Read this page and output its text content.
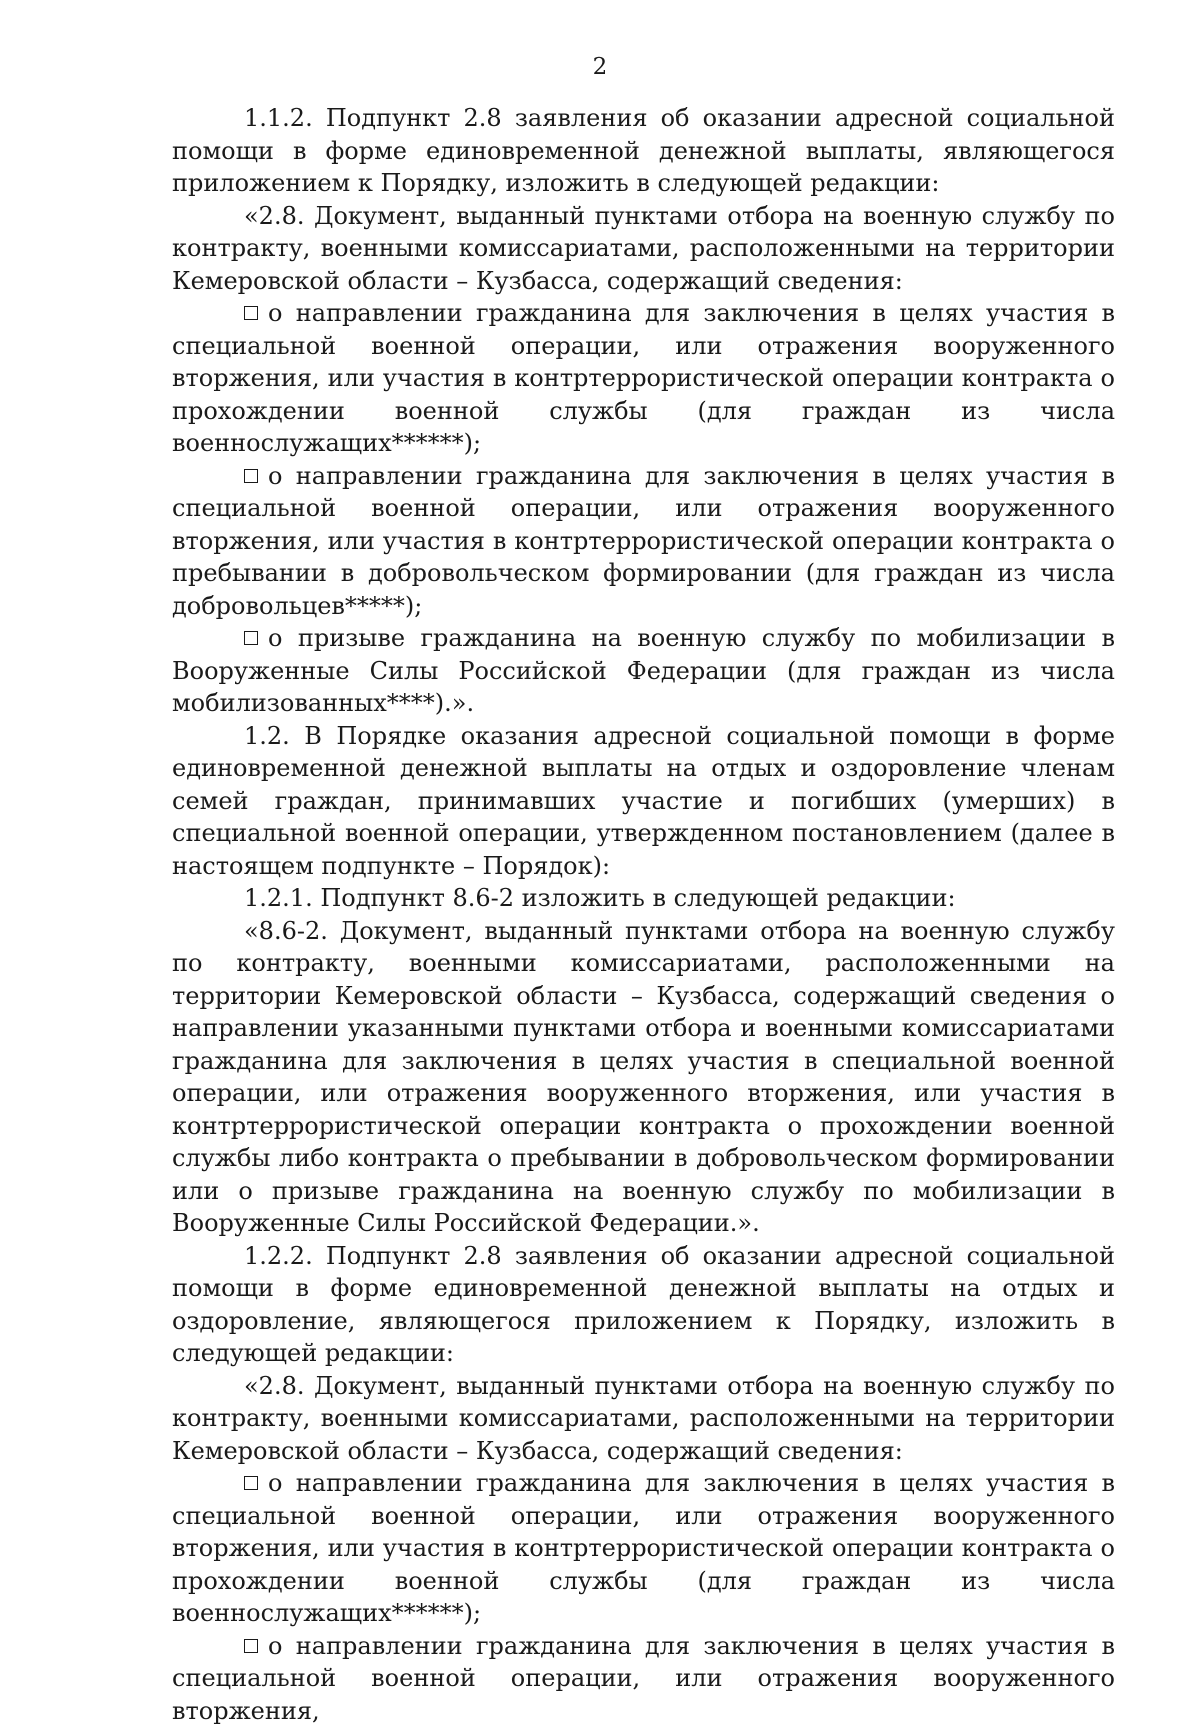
2

1.1.2. Подпункт 2.8 заявления об оказании адресной социальной помощи в форме единовременной денежной выплаты, являющегося приложением к Порядку, изложить в следующей редакции:

«2.8. Документ, выданный пунктами отбора на военную службу по контракту, военными комиссариатами, расположенными на территории Кемеровской области – Кузбасса, содержащий сведения:

о направлении гражданина для заключения в целях участия в специальной военной операции, или отражения вооруженного вторжения, или участия в контртеррористической операции контракта о прохождении военной службы (для граждан из числа военнослужащих******);

о направлении гражданина для заключения в целях участия в специальной военной операции, или отражения вооруженного вторжения, или участия в контртеррористической операции контракта о пребывании в добровольческом формировании (для граждан из числа добровольцев*****);

о призыве гражданина на военную службу по мобилизации в Вооруженные Силы Российской Федерации (для граждан из числа мобилизованных****).».

1.2. В Порядке оказания адресной социальной помощи в форме единовременной денежной выплаты на отдых и оздоровление членам семей граждан, принимавших участие и погибших (умерших) в специальной военной операции, утвержденном постановлением (далее в настоящем подпункте – Порядок):

1.2.1. Подпункт 8.6-2 изложить в следующей редакции:

«8.6-2. Документ, выданный пунктами отбора на военную службу по контракту, военными комиссариатами, расположенными на территории Кемеровской области – Кузбасса, содержащий сведения о направлении указанными пунктами отбора и военными комиссариатами гражданина для заключения в целях участия в специальной военной операции, или отражения вооруженного вторжения, или участия в контртеррористической операции контракта о прохождении военной службы либо контракта о пребывании в добровольческом формировании или о призыве гражданина на военную службу по мобилизации в Вооруженные Силы Российской Федерации.».

1.2.2. Подпункт 2.8 заявления об оказании адресной социальной помощи в форме единовременной денежной выплаты на отдых и оздоровление, являющегося приложением к Порядку, изложить в следующей редакции:

«2.8. Документ, выданный пунктами отбора на военную службу по контракту, военными комиссариатами, расположенными на территории Кемеровской области – Кузбасса, содержащий сведения:

о направлении гражданина для заключения в целях участия в специальной военной операции, или отражения вооруженного вторжения, или участия в контртеррористической операции контракта о прохождении военной службы (для граждан из числа военнослужащих******);

о направлении гражданина для заключения в целях участия в специальной военной операции, или отражения вооруженного вторжения,
